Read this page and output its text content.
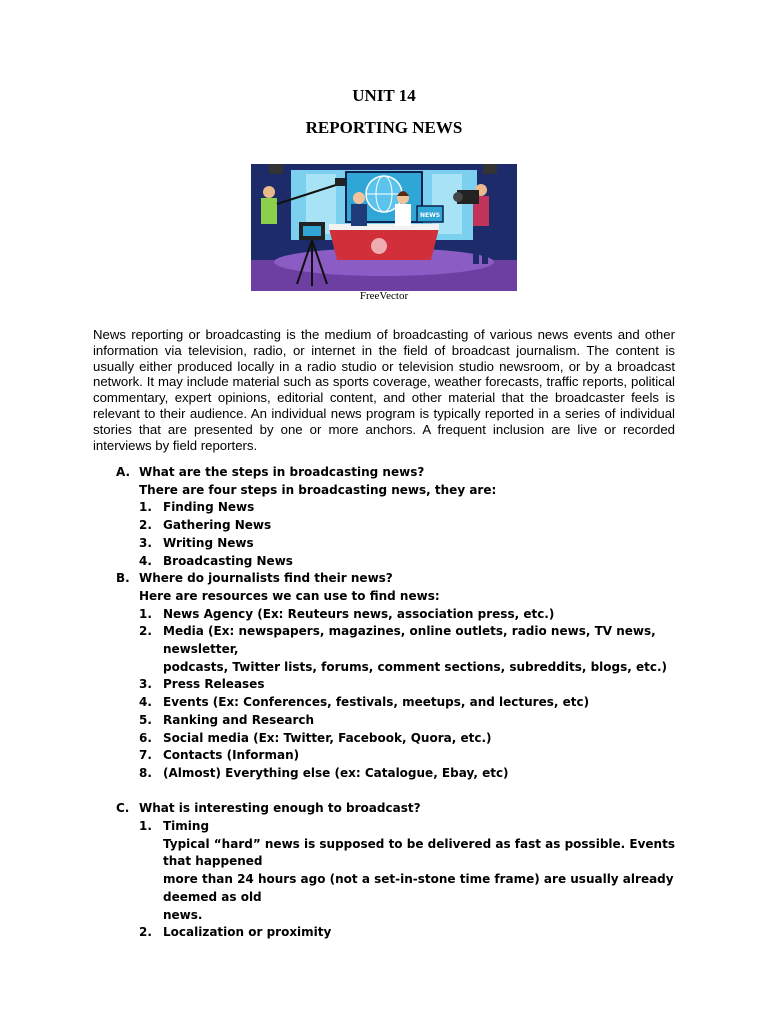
UNIT 14
REPORTING NEWS
NEWS
FreeVector

News reporting or broadcasting is the medium of broadcasting of various news events and other information via television, radio, or internet in the field of broadcast journalism. The content is usually either produced locally in a radio studio or television studio newsroom, or by a broadcast network. It may include material such as sports coverage, weather forecasts, traffic reports, political commentary, expert opinions, editorial content, and other material that the broadcaster feels is relevant to their audience. An individual news program is typically reported in a series of individual stories that are presented by one or more anchors. A frequent inclusion are live or recorded interviews by field reporters.

A. What are the steps in broadcasting news?
There are four steps in broadcasting news, they are:
1. Finding News
2. Gathering News
3. Writing News
4. Broadcasting News
B. Where do journalists find their news?
Here are resources we can use to find news:
1. News Agency (Ex: Reuteurs news, association press, etc.)
2. Media (Ex: newspapers, magazines, online outlets, radio news, TV news, newsletter,
podcasts, Twitter lists, forums, comment sections, subreddits, blogs, etc.)
3. Press Releases
4. Events (Ex: Conferences, festivals, meetups, and lectures, etc)
5. Ranking and Research
6. Social media (Ex: Twitter, Facebook, Quora, etc.)
7. Contacts (Informan)
8. (Almost) Everything else (ex: Catalogue, Ebay, etc)
C. What is interesting enough to broadcast?
1. Timing
Typical “hard” news is supposed to be delivered as fast as possible. Events that happened
more than 24 hours ago (not a set-in-stone time frame) are usually already deemed as old
news.
2. Localization or proximity
